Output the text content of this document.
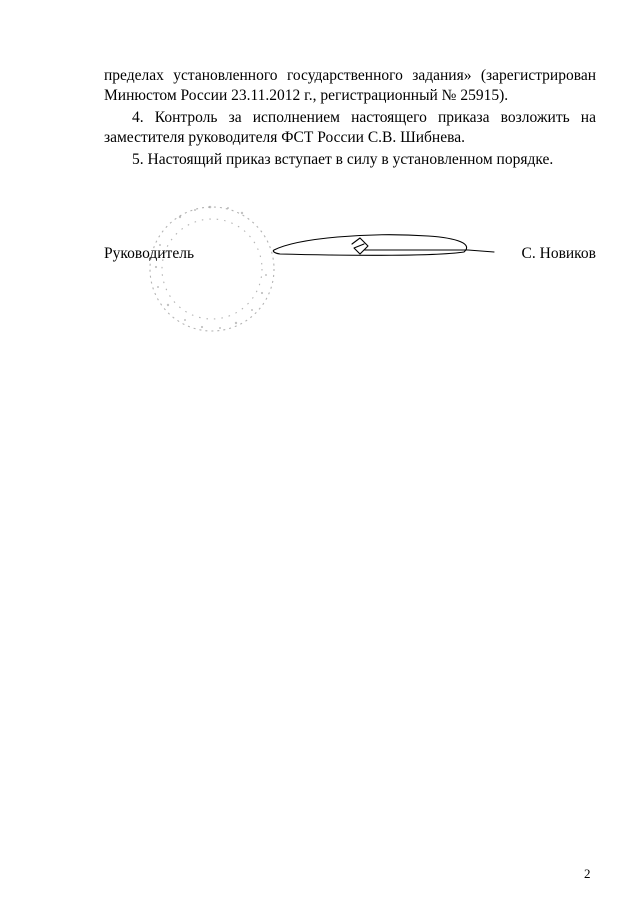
пределах установленного государственного задания» (зарегистрирован
Минюстом России 23.11.2012 г., регистрационный № 25915).
4. Контроль за исполнением настоящего приказа возложить на
заместителя руководителя ФСТ России С.В. Шибнева.
5. Настоящий приказ вступает в силу в установленном порядке.
Руководитель	С. Новиков
2
